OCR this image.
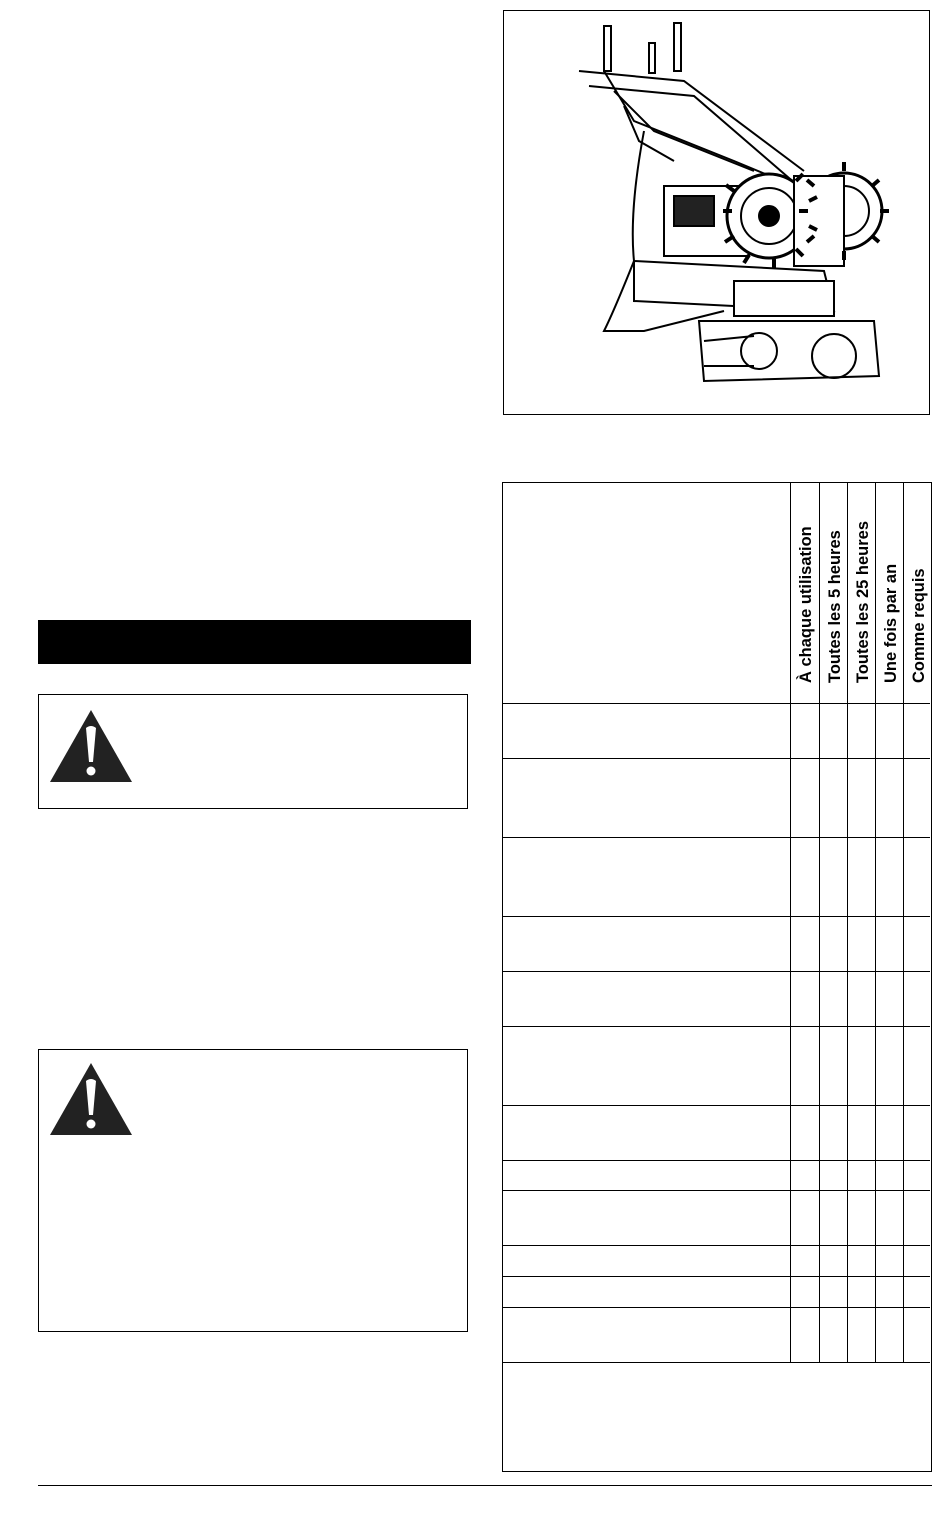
À chaque utilisation Toutes les 5 heures Toutes les 25 heures Une fois par an Comme requis
